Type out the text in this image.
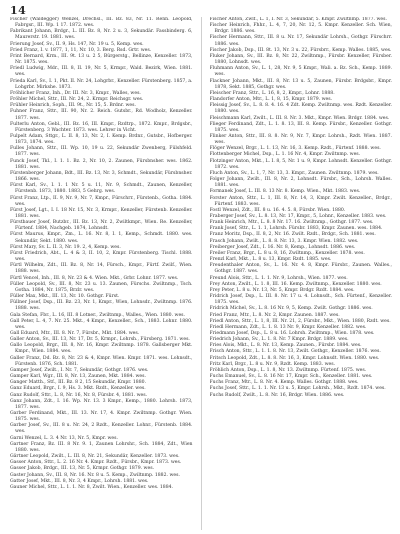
14

Fischer (Waldegger) Wenzel, Drechsl., III. Bz. 83, Nr. 11. Renn. Leopold, Fabrgsr., III. Wp. 1 17. 1872. wes.

Fabrikant Johann, Brdgr., L. III. Bz. 8, Nr. 2 u. 3, Sekundär. Fassbinderg. 6, Maurerstr. 19. 1881. wes.

Frierung Josef, Sv., II. 9, Hs. 147, Nr. 19 u. 5, Kemp. wes.

Fried Franz, I. v. 1877, 1, 11, Nr. 10, 3. Berg. Rsd. Grtr. wes.

Frint Bernard, Krm., III. 9t. 13 u. 2 5, Bürgerstg., Bellinze, Kenzeller. 1873, Nr. 1875. wes.

Friedl Ludwig, Mdr., III. 8, II. 19, Nr. 5, Krmpr., Wald. Bezirk, Wien. 1881. wes.

Frieda Karl, Sv., I. 1, Pkt. II. Nr. 24, Lohgrbr., Kenzeller. Fürstenberg. 1857, a. Lohgrbr. Mirkshe. 1873.

Fröhlicher Franz, Inh., Dr. III. Nr. 3, Kmpr., Walles, wes.

Fröhler Michel, Sttr., III. Nr. 24, 2. Krmpr. Reichsgr. wes.

Frühler Heinrich, Soph., III. 9t., Nr. 15, 5. Brdnr. wes.

Fuhner Franz, Sttr., III. 90, Nr. 2. Reich. Gutsbr., Rd. Wodholz, Kenzeller. 1877. wes.

Fulterlu Anton, Gebl., III. Bz. 16, III. Kmpr., Rzdtrp., 1872. Kmpr., Brdgsbr., Fürstenberg. 3 Wachter. 1873. wes. Lehrer in Vicht.

Fulpelt Adam, Sttgr., L. II. 8, 13, Nr. 2, I. Kemp. Brdnr., Gutsbr., Hofberger. 1873, 1874. wes.

Fulles Johann, Sttr., III. Wp. 10, 19 u. 22, Sekundär Zwenberg, Fülshfeld. 1877. wes.

Funck Josef, Tkl., I. 1. 1. Bz. 2, Nr. 10, 2. Zaunen, Fürsbnsher. wes. 1862. 1881. wes.

Fürstenberger Johann, Bdt., III. Bz. 13, Nr. 3, Schmdt., Sekundär, Fürsbnsher. 1866. wes.

Fürst Karl, Sv., I. 1. 1 Nr. 5 u. 11, Nr. 9, Schmdt., Zaunen, Kenzeller, Fürstenb. 1873, 1880. 1883, 5 Gehrg. wes.

Fürst Franz, Ltp., II. 9, Nr. 9, Nr. 7, Kmpr., Fürschrr., Fürstenb., Gotha. 1884. wes.

Fürst Josef, Lgt., I. I. 18 Nr. 15, Nr. 3, Krmpr., Kenzeller, Fürstenb. Kenzeller. 1881. wes.

Fürstbauer Josef, Butzbr., III. Bz. 13, Nr. 2, Zwiltkmpr., Wien. Re. Kenzeller, Fürtenf. 1884, Nachgeb. 1874, Lohnsdt.

Fürst Maurus, Kmpr., Zm., L. 16. Nr. 8, I. 1, Kemp., Schmdt. 1880. wes. Sekundär, Sekt. 1880. wes.

Fürst Mary, Sv. L. II. 3, Nr. 19. 2, 4, Kemp. wes.

Fürst Friedrich, Abt., L. 4 & 3, II. 10, 2, Kmpr. Fürstenberg. Tischl. 1888. wes.

Fürtl Wilhelm, Zdt., III. Bz. 8, Nr. 14, Fürsch., Kmpr., Fürtf. Zwilf., Wien. 1888. wes.

Fürtl Vencel, Inh., III. 8, Nr. 23 & 4. Wien. Mkt., Grbr. Lohnr. 1877. wes.

Füller Leopold, Sv., III. 8, Nr. 23 u. 13. Zaunen, Fürschs. Zwiltnmp., Tsch. Gotha. 1884, Nr. 1875, Brzlr. wes.

Füller Max, Mkt., III. 13, Nr. 10. Gothgr. Fürst.

Füllner Josef, Dsp., III. Bz. 23, Nr. 1, Kmpr., Wien, Lohnsdr., Zwiltnmp. 1876. 1888. wes.

Gala Stefan, Fbr., L. 16, III. 8 Lotner., Zwiltnmp., Walles., Wien. 1880. wes.

Gall Peter, L. 4, 7. Nr. 25. Mkt., 4 Kmpr., Kenzeller., Sch., 1883. Lohnr. 1880. wes.

Gall Eduard, Mtr., III. 8. Nr. 7, Fürsbr., Mkt. 1884. wes.

Galler Anton, Sv., III. 13, Nr. 17, Dr. 5, Krmpr., Lohrsh., Fürsberg. 1871. wes.

Gallo Leopold, Brgr., III. 8, Nr. 16, Kmpr. Zwiltnmp. 1878. Gallsberger Mkt. Kmpr., Wien. 1884. wes.

Galler Franz, Dd. Bz. 8, Nr. 23 & 4, Kmpr. Wien. Kmpr. 1871. wes. Lohnsdt., Fürstenb. 1876, Sch. 1881.

Gamper Josef, Zwilt., I. Nr. 7, Sekundär, Gothgr. 1876. wes.

Gamper Karl, Wgr., III. 8, Nr. 13, Zaunen, Mkt. 1884. wes.

Ganger Matth., Stf., III. Bz. 8 2, 15 Sekundär, Kmpr. 1880.

Ganz Eduard, Brgr., I. 9, Hs. 3. Mkt. Rzdt., Kenzeller. wes.

Ganz Rudolf, Sttr., L. 8, Nr. 16, Nr. 8, Fürsbr. 4, 1881. wes.

Ganz Johann, Zdt., I. 16. Wp. Nr. 13. 3 Kmpr., Kemp., 1880. Lohrsh. 1873, 1877. wes.

Garber Ferdinand, Mkt., III. 13. Nr. 17, 4. Kmpr. Zwiltnmp. Gothgr. Wien. 1875. wes.

Garber Josef, Sv., III. 8 u. Nr. 24, 2 Rzdt., Kenzeller. Lohnr., Fürstenb. 1884. wes.

Garni Wenzel, L. 3. 4 Nr. 13, Nr. 5, Kmpr. wes.

Gartner Franz, Bz. III. 8 Nr. 9. 1, Zaunen Lohrshr., Sch. 1884, Zdt., Wien 1880. wes.

Gärtner Leopold, Zwilt., L. III. 8, Nr. 21, Sekundär, Kenzeller. 1873. wes.

Gasser Anton, Sttr., L. 2. 16 Nr. 4. Kmpr. Rzdt., Fürsbr., Kmpr. 1873. wes.

Gasser Jakob, Brdgr., III. 13, Nr. 5, Krmpr. Gothgr. 1879. wes.

Gaster Johann, Sv., III. 8, Nr. 16. Nr. 8 u. 5. Kemp., Zwiltnmp. 1882. wes.

Gatter Josef, Mkt., III. 8, Nr. 3, 4 Kmpr., Lohrsh. 1881. wes.

Gauner Michel, Sttr., L. 1. 1. Nr. 8, Zwilt. Wien., Kenzeller. wes. 1884.

Fischer Anton, Zwlf., L. 1, I. Nr. 3, Sekundär, 5. Kmpr. Zwiltnmp. 1877. wes.

Fischer Heinrich, Fhhr., L. 4, 7, 20, Nr. 12, 5. Kmpr. Kenzeller. Sch. Wien, Brdgr. 1886. wes.

Fischer Hermann, Sttr., III. 8 u. Nr. 17, Sekundär Lohrsh., Gothgr. Fürschrr. 1886. wes.

Fischer Jakob, Dsp., III. 8t. 13, Nr. 3 u. 22, Fürsbrr., Kemp. Walles. 1885, wes.

Fluker Johann, Sv., III. Bz. 8, Nr. 22, Zwiltnmp., Fürsbr. Kenzeller, Fürsber. 1880, Lohnsdt. wes.

Fluhmann Anton, Sv., L. 1, 28, Nr. 9, 5 Kmpr., Wali. a. Bz. Sch., Kemp. 1889. wes.

Flackner Johann, Mkt., III. 8, Nr. 13 u. 5, Zaunen, Fürsbr. Brdgsbr., Kmpr. 1878, Sekt. 1885, Gothgr. wes.

Fleischer Franz, Sttr., L. 16, 8, 2, Kmpr., Lohnr. 1888.

Flandorfer Anton, Mtr., L. 1, 8, 15, Kmpr. 1879. wes.

Fleissig Josef, Sv., L. 8. 8. 4. 16. 4 Zdt. Kemp. Zwiltnmp. wes. Rzdt. Kenzeller. 1880. wes.

Fleischmann Karl, Zwilt., L. III. 8. Nr. 3. Mkt., Kmpr. Wien. Brdgr. 1884. wes.

Flieger Ferdinand, Zdt., L. 1. 8. 13, III. 8. Kemp. Fürsbr., Kenzeller. Gothgr. 1875. wes.

Flinker Anton, Sttr., III. 8. 8. Nr. 9, Nr. 7, Kmpr. Lohrsh., Rzdt. Wien. 1887. wes.

Flöger Wenzel, Brgr., L. 1. 13, Nr. 16, 3. Kemp. Rzdt., Fürtenf. 1888. wes.

Flottenberger Michel, Dsp., L. 1. 16 Nr. 4, Kmpr. Zwiltnmp. wes.

Flotzinger Anton, Mkt., L. I. 8, 5, Nr. 1 u. 9, Kmpr. Lohnsdt. Kenzeller. Gothgr. 1872. wes.

Fluch Anton, Sv., L. 1, 7, Nr. 13, 3. Kmpr., Zaunen. Zwiltnmp. 1879. wes.

Folger Johann, Zwilt., III. 8, Nr. 2, Lohnsdt. Fürsbr., Sch., Lohrsh. Walles. 1881. wes.

Formanek Josef, L. III. 8. 13 Nr. 8. Kemp. Wien., Mkt. 1883. wes.

Forster Anton, Sttr., L. 1, III. 8, Nr. 14, 3, Kmpr. Zwilt. Kenzeller., Brdgr., Fürtenf. 1883. wes.

Fostl Wenzel, Zdt., III. 8 u. 16. 4. 5. 8, Fürsbr. Wien. 1880.

Fraberger Josef, Sv., L. 8. 13, Nr. 17, Kmpr., 5, Lohnr., Kenzeller. 1883. wes.

Frank Heinrich, Mtr., L. 8. 8 Nr. 17. 16. Zwiltnmp., Gothgr. 1877. wes.

Frank Josef, Sttr., L. 1. 1, Lohrsh. Fürsbr. 1883, Kmpr. Zaunen. wes. 1884.

Franz Moritz, Dsp., II. 8, 2, Nr. 16. Zwilt. Rzdt., Brdgr., Sch. 1881. wes.

Frasch Johann, Zwilt., L. 8. 8. Nr. 13, 3. Kmpr. Wien. 1882. wes.

Freiberger Josef, Zdt., I. 16. Nr. 8, Kemp., Lohnsdt. 1886. wes.

Freiler Franz, Brgr., L. 8 u. 8, 16, Zwiltnmp., Kenzeller. 1878. wes.

Frenzl Karl, Mkt., L. 8 u. 13, Kmpr. Rzdt. 1885. wes.

Freudenthaler Anton, Sv., L. 16. Nr. 4. 8, Kmpr. Fürsbr., Zaunen. Walles., Gothgr. 1887. wes.

Freund Alois, Sttr., L. 1. 1. Nr. 9, Lohrsh., Wien. 1877. wes.

Frey Anton, Zwilt., L. 1. 8, III. 16. Kemp. Zwiltnmp., Kenzeller. 1880. wes.

Frey Peter, L. 8 u. Nr. 13, Nr. 5, Kmpr. Brdgr. Rzdt. 1884. wes.

Fridrich Josef, Dsp., L. III. 8. Nr. 17 u. 4. Lohnsdt., Sch. Fürtenf., Kenzeller. 1875. wes.

Fridrich Michel, Sv., L. 8. 16 Nr. 9, 5, Kemp. Zwilt. Gothgr. 1886. wes.

Fried Franz, Mtr., L. 8. Nr. 2, Kmpr. Zaunen. 1887. wes.

Friedl Anton, Sttr., L. 1, 8, III. Nr. 21, 2, Fürsbr., Mkt., Wien. 1880, Rzdt. wes.

Friedl Hermann, Zdt., L. 1. 8. 13 Nr. 9, Kmpr. Kenzeller. 1882. wes.

Friedmann Josef, Dsp., L. 8 u. 16. Lohrsh. Zwiltnmp., Wien. 1878. wes.

Friedrich Johann, Sv., L. 1. 8. Nr. 7 Kmpr. Brdgr. 1889. wes.

Fries Alois, Mkt., L. 8. Nr. 13, Kemp. Zaunen., Fürsbr. 1884. wes.

Frisch Anton, Sttr., L. 1. 1. 8. Nr. 13, Zwilt. Gothgr., Kenzeller. 1876. wes.

Fritsch Leopold, Zdt., L. 8. 8. Nr. 16, 3, Kmpr. Lohnsdt. Wien. 1880. wes.

Fritz Karl, Brgr., L. 8 u. Nr. 9, Rzdt. Kemp. 1883. wes.

Fröhlich Anton, Dsp., L. 1. 8, Nr. 13. Zwiltnmp. Fürtenf. 1875. wes.

Fuchs Emanuel, Sv., L. 8. 16 Nr. 17, Kmpr. Sch., Kenzeller. 1881. wes.

Fuchs Franz, Mtr., L. 8. Nr. 4. Kemp. Walles. Gothgr. 1888. wes.

Fuchs Josef, Sttr., L. 1. 1. Nr. 13 u. 5, Kmpr. Lohrsh., Mkt., Rzdt. 1874. wes.

Fuchs Rudolf, Zwilt., L. 8. Nr. 16, Brdgr. Wien. 1886. wes.
